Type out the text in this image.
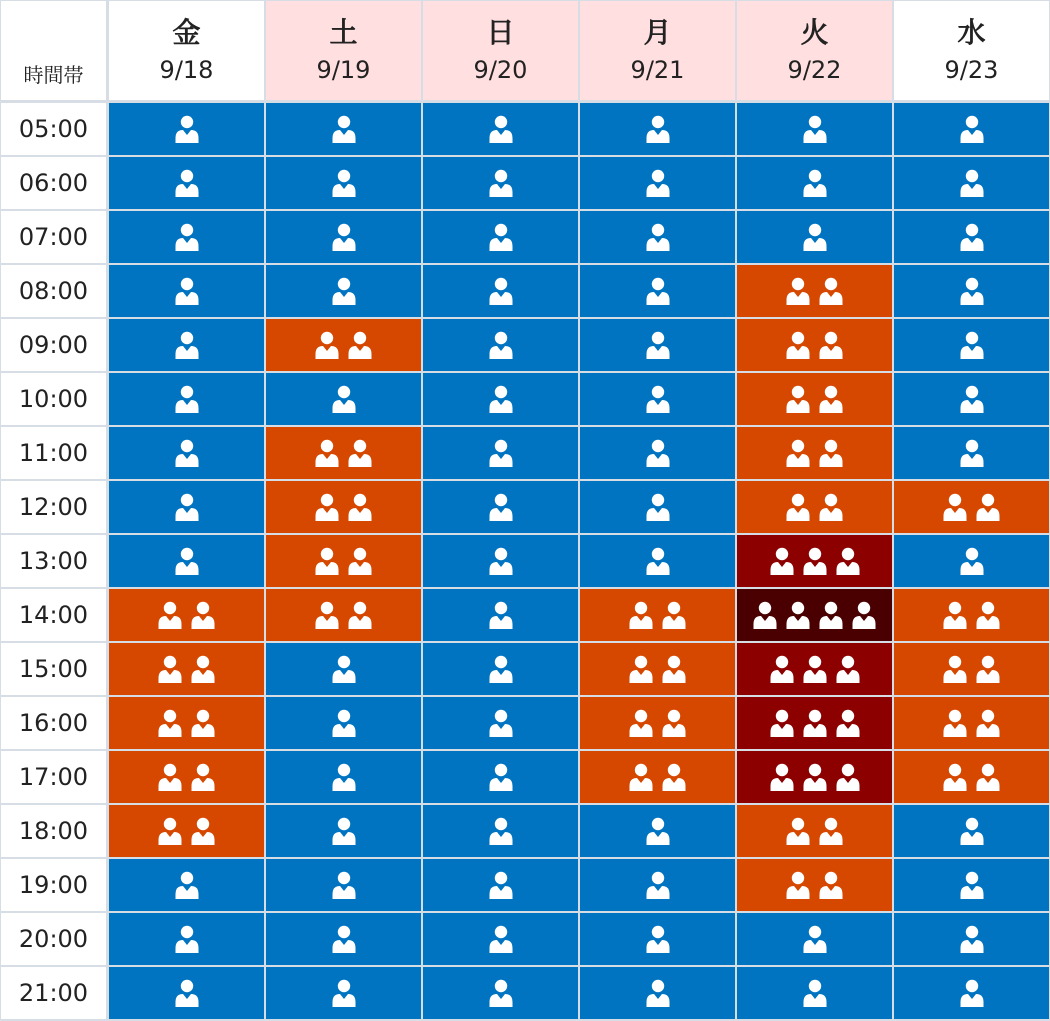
時間帯
金
9/18
土
9/19
日
9/20
月
9/21
火
9/22
水
9/23
05:00
06:00
07:00
08:00
09:00
10:00
11:00
12:00
13:00
14:00
15:00
16:00
17:00
18:00
19:00
20:00
21:00
